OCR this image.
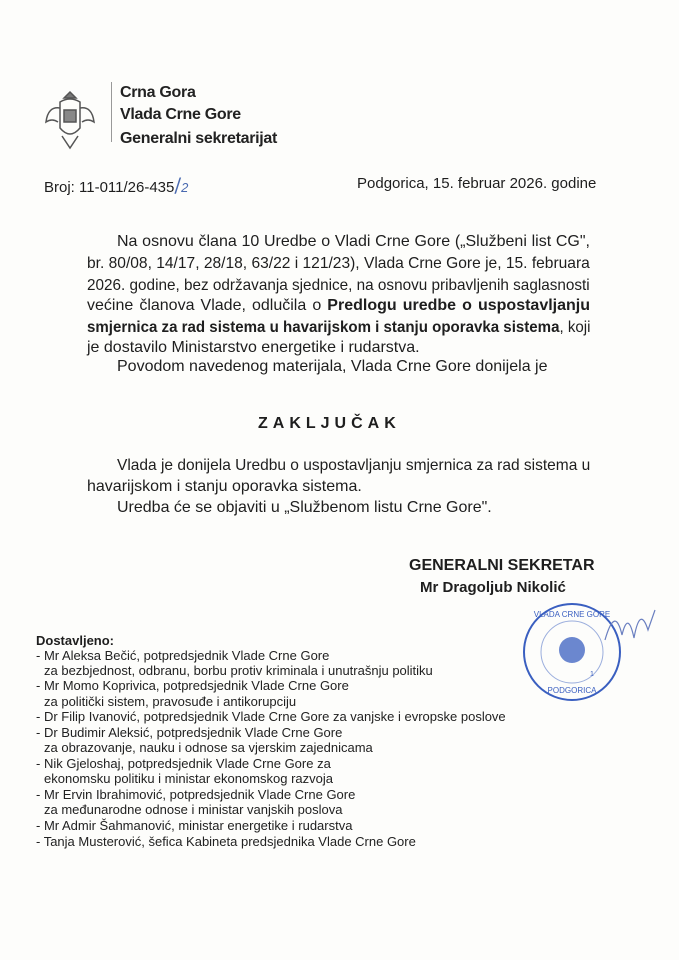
Crna Gora
Vlada Crne Gore
Generalni sekretarijat
Broj: 11-011/26-435/2	Podgorica, 15. februar 2026. godine
Na osnovu člana 10 Uredbe o Vladi Crne Gore („Službeni list CG",
br. 80/08, 14/17, 28/18, 63/22 i 121/23), Vlada Crne Gore je, 15. februara
2026. godine, bez održavanja sjednice, na osnovu pribavljenih saglasnosti
većine članova Vlade, odlučila o Predlogu uredbe o uspostavljanju
smjernica za rad sistema u havarijskom i stanju oporavka sistema, koji
je dostavilo Ministarstvo energetike i rudarstva.
Povodom navedenog materijala, Vlada Crne Gore donijela je
ZAKLJUČAK
Vlada je donijela Uredbu o uspostavljanju smjernica za rad sistema u
havarijskom i stanju oporavka sistema.
Uredba će se objaviti u „Službenom listu Crne Gore".
GENERALNI SEKRETAR
Mr Dragoljub Nikolić
VLADA CRNE GORE
PODGORICA
1
Dostavljeno:
- Mr Aleksa Bečić, potpredsjednik Vlade Crne Gore
za bezbjednost, odbranu, borbu protiv kriminala i unutrašnju politiku
- Mr Momo Koprivica, potpredsjednik Vlade Crne Gore
za politički sistem, pravosuđe i antikorupciju
- Dr Filip Ivanović, potpredsjednik Vlade Crne Gore za vanjske i evropske poslove
- Dr Budimir Aleksić, potpredsjednik Vlade Crne Gore
za obrazovanje, nauku i odnose sa vjerskim zajednicama
- Nik Gjeloshaj, potpredsjednik Vlade Crne Gore za
ekonomsku politiku i ministar ekonomskog razvoja
- Mr Ervin Ibrahimović, potpredsjednik Vlade Crne Gore
za međunarodne odnose i ministar vanjskih poslova
- Mr Admir Šahmanović, ministar energetike i rudarstva
- Tanja Musterović, šefica Kabineta predsjednika Vlade Crne Gore
